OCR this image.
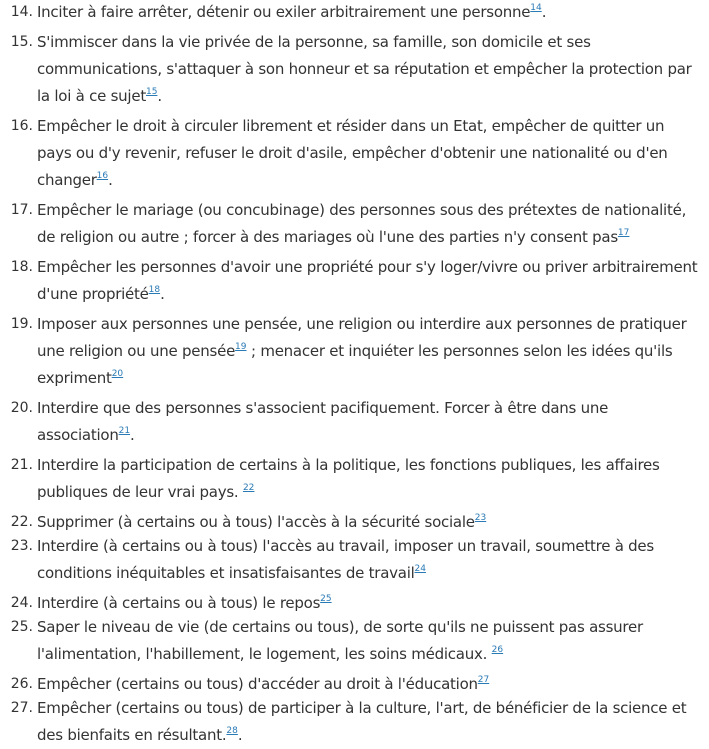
14. Inciter à faire arrêter, détenir ou exiler arbitrairement une personne$^{14}$.
15. S'immiscer dans la vie privée de la personne, sa famille, son domicile et ses communications, s'attaquer à son honneur et sa réputation et empêcher la protection par la loi à ce sujet$^{15}$.
16. Empêcher le droit à circuler librement et résider dans un Etat, empêcher de quitter un pays ou d'y revenir, refuser le droit d'asile, empêcher d'obtenir une nationalité ou d'en changer$^{16}$.
17. Empêcher le mariage (ou concubinage) des personnes sous des prétextes de nationalité, de religion ou autre ; forcer à des mariages où l'une des parties n'y consent pas$^{17}$
18. Empêcher les personnes d'avoir une propriété pour s'y loger/vivre ou priver arbitrairement d'une propriété$^{18}$.
19. Imposer aux personnes une pensée, une religion ou interdire aux personnes de pratiquer une religion ou une pensée$^{19}$ ; menacer et inquiéter les personnes selon les idées qu'ils expriment$^{20}$
20. Interdire que des personnes s'associent pacifiquement. Forcer à être dans une association$^{21}$.
21. Interdire la participation de certains à la politique, les fonctions publiques, les affaires publiques de leur vrai pays. $^{22}$
22. Supprimer (à certains ou à tous) l'accès à la sécurité sociale$^{23}$
23. Interdire (à certains ou à tous) l'accès au travail, imposer un travail, soumettre à des conditions inéquitables et insatisfaisantes de travail$^{24}$
24. Interdire (à certains ou à tous) le repos$^{25}$
25. Saper le niveau de vie (de certains ou tous), de sorte qu'ils ne puissent pas assurer l'alimentation, l'habillement, le logement, les soins médicaux. $^{26}$
26. Empêcher (certains ou tous) d'accéder au droit à l'éducation$^{27}$
27. Empêcher (certains ou tous) de participer à la culture, l'art, de bénéficier de la science et des bienfaits en résultant.$^{28}$.
